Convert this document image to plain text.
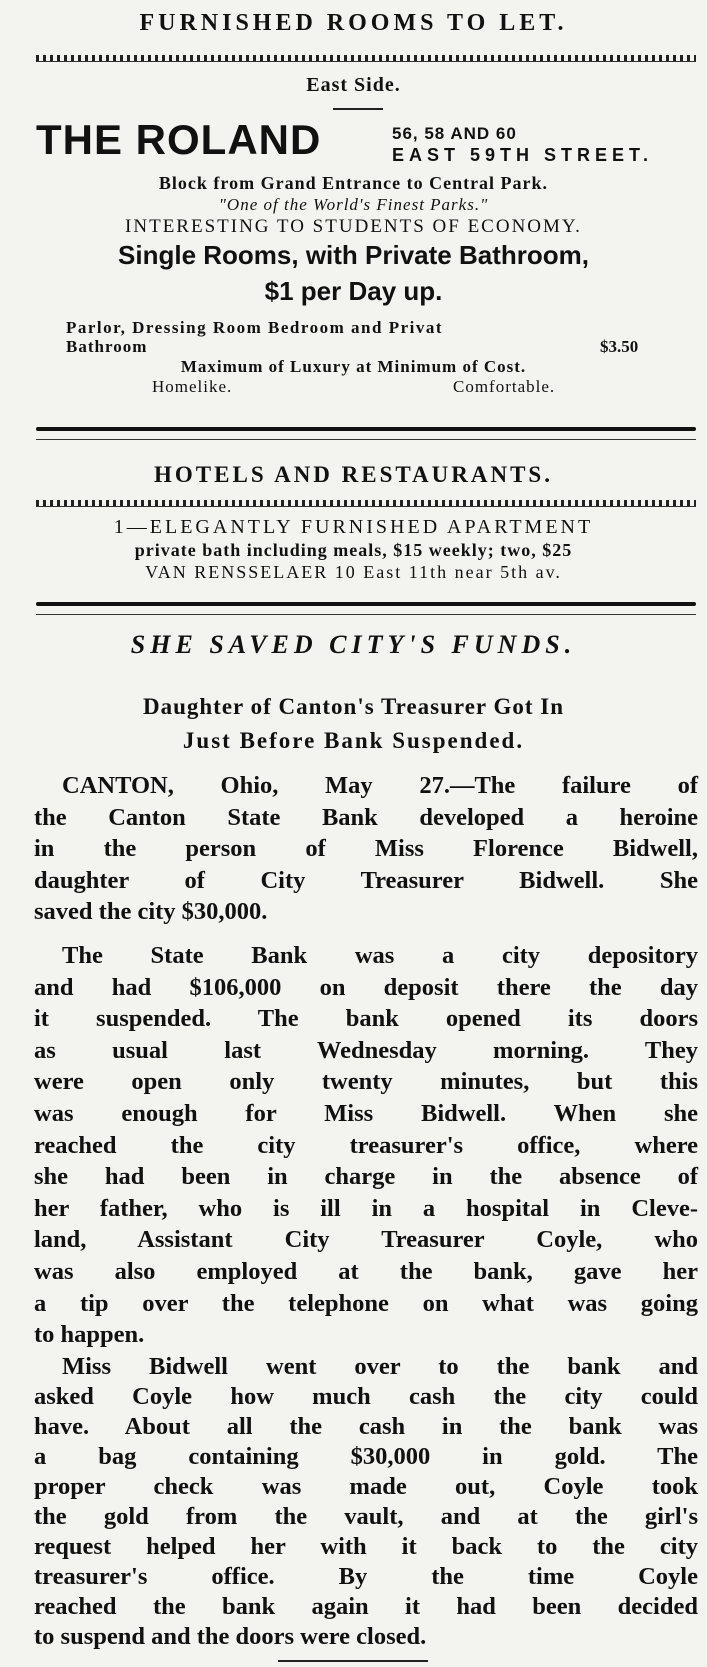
FURNISHED ROOMS TO LET.
East Side.
THE ROLAND	56, 58 AND 60
EAST 59TH STREET.
Block from Grand Entrance to Central Park.
"One of the World's Finest Parks."
INTERESTING TO STUDENTS OF ECONOMY.
Single Rooms, with Private Bathroom,
$1 per Day up.
Parlor, Dressing Room Bedroom and Privat
Bathroom	$3.50
Maximum of Luxury at Minimum of Cost.
Homelike.	Comfortable.
HOTELS AND RESTAURANTS.
1—ELEGANTLY FURNISHED APARTMENT
private bath including meals, $15 weekly; two, $25
VAN RENSSELAER 10 East 11th near 5th av.
SHE SAVED CITY'S FUNDS.
Daughter of Canton's Treasurer Got In
Just Before Bank Suspended.
CANTON, Ohio, May 27.—The failure of
the Canton State Bank developed a heroine
in the person of Miss Florence Bidwell,
daughter of City Treasurer Bidwell. She
saved the city $30,000.
The State Bank was a city depository
and had $106,000 on deposit there the day
it suspended. The bank opened its doors
as usual last Wednesday morning. They
were open only twenty minutes, but this
was enough for Miss Bidwell. When she
reached the city treasurer's office, where
she had been in charge in the absence of
her father, who is ill in a hospital in Cleve-
land, Assistant City Treasurer Coyle, who
was also employed at the bank, gave her
a tip over the telephone on what was going
to happen.
Miss Bidwell went over to the bank and
asked Coyle how much cash the city could
have. About all the cash in the bank was
a bag containing $30,000 in gold. The
proper check was made out, Coyle took
the gold from the vault, and at the girl's
request helped her with it back to the city
treasurer's office. By the time Coyle
reached the bank again it had been decided
to suspend and the doors were closed.
